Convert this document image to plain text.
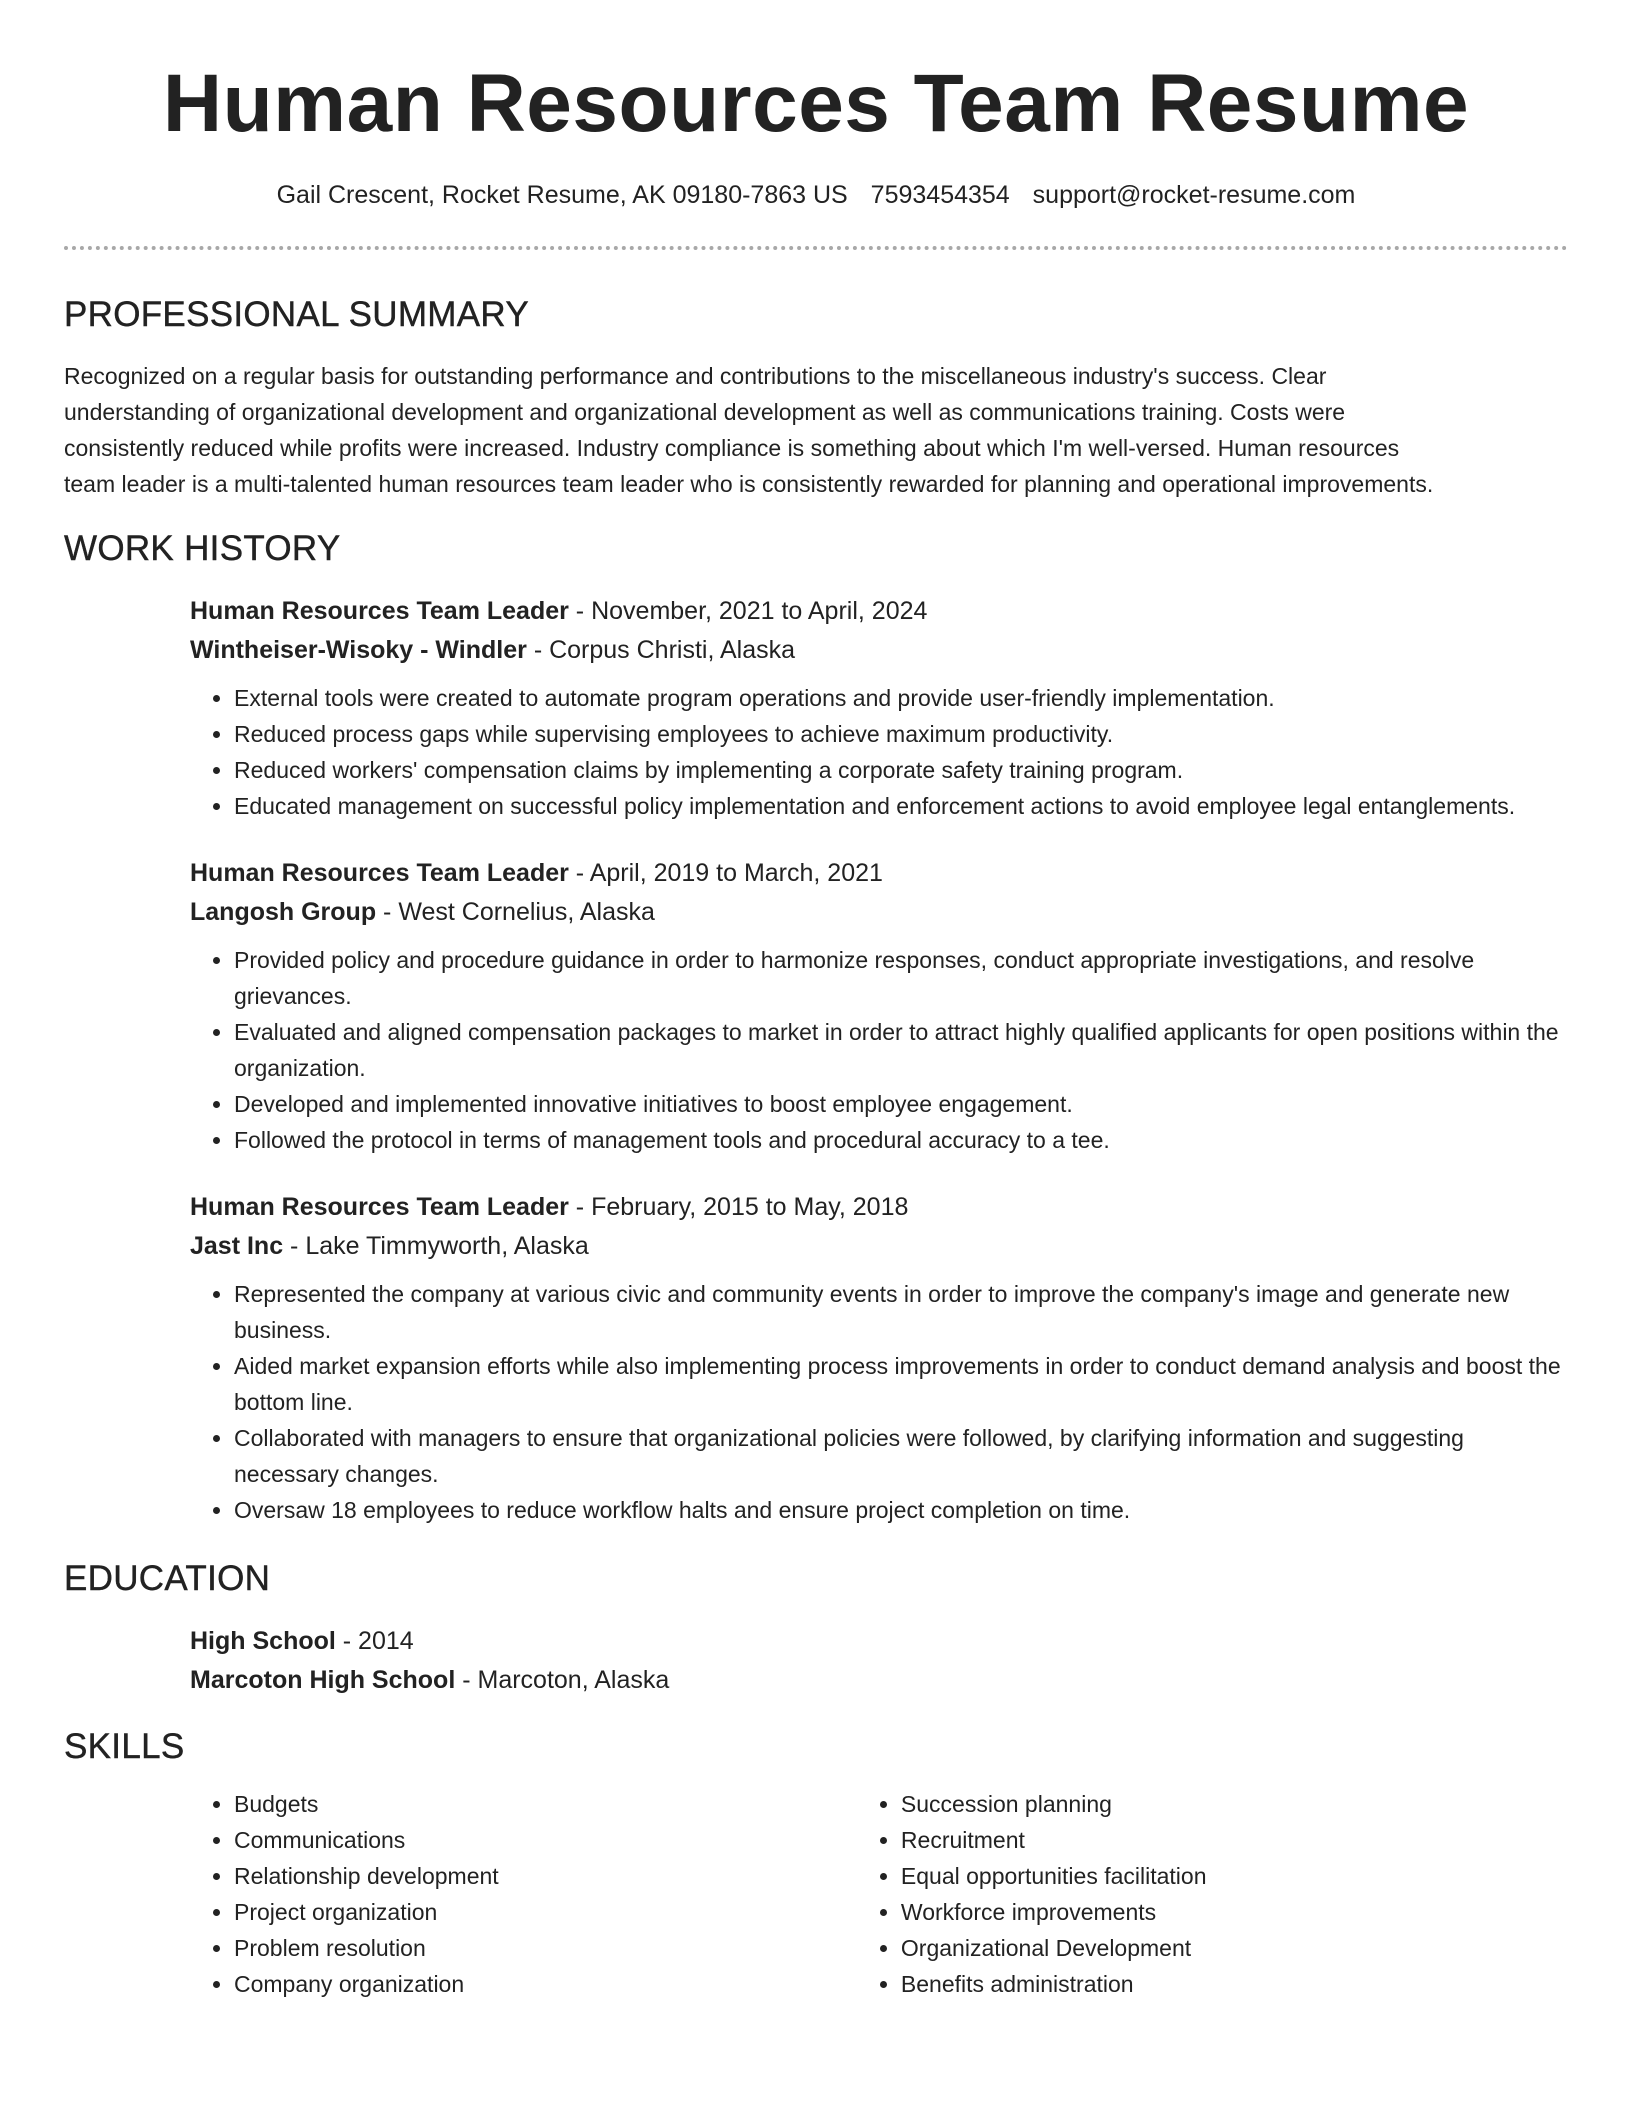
Human Resources Team Resume
Gail Crescent, Rocket Resume, AK 09180-7863 US 7593454354 support@rocket-resume.com
PROFESSIONAL SUMMARY

Recognized on a regular basis for outstanding performance and contributions to the miscellaneous industry's success. Clear understanding of organizational development and organizational development as well as communications training. Costs were consistently reduced while profits were increased. Industry compliance is something about which I'm well-versed. Human resources team leader is a multi-talented human resources team leader who is consistently rewarded for planning and operational improvements.

WORK HISTORY
Human Resources Team Leader - November, 2021 to April, 2024
Wintheiser-Wisoky - Windler - Corpus Christi, Alaska
• External tools were created to automate program operations and provide user-friendly implementation.
• Reduced process gaps while supervising employees to achieve maximum productivity.
• Reduced workers' compensation claims by implementing a corporate safety training program.
• Educated management on successful policy implementation and enforcement actions to avoid employee legal entanglements.
Human Resources Team Leader - April, 2019 to March, 2021
Langosh Group - West Cornelius, Alaska
• Provided policy and procedure guidance in order to harmonize responses, conduct appropriate investigations, and resolve grievances.
• Evaluated and aligned compensation packages to market in order to attract highly qualified applicants for open positions within the organization.
• Developed and implemented innovative initiatives to boost employee engagement.
• Followed the protocol in terms of management tools and procedural accuracy to a tee.
Human Resources Team Leader - February, 2015 to May, 2018
Jast Inc - Lake Timmyworth, Alaska
• Represented the company at various civic and community events in order to improve the company's image and generate new business.
• Aided market expansion efforts while also implementing process improvements in order to conduct demand analysis and boost the bottom line.
• Collaborated with managers to ensure that organizational policies were followed, by clarifying information and suggesting necessary changes.
• Oversaw 18 employees to reduce workflow halts and ensure project completion on time.
EDUCATION
High School - 2014
Marcoton High School - Marcoton, Alaska
SKILLS
• Budgets
• Communications
• Relationship development
• Project organization
• Problem resolution
• Company organization
• Succession planning
• Recruitment
• Equal opportunities facilitation
• Workforce improvements
• Organizational Development
• Benefits administration
